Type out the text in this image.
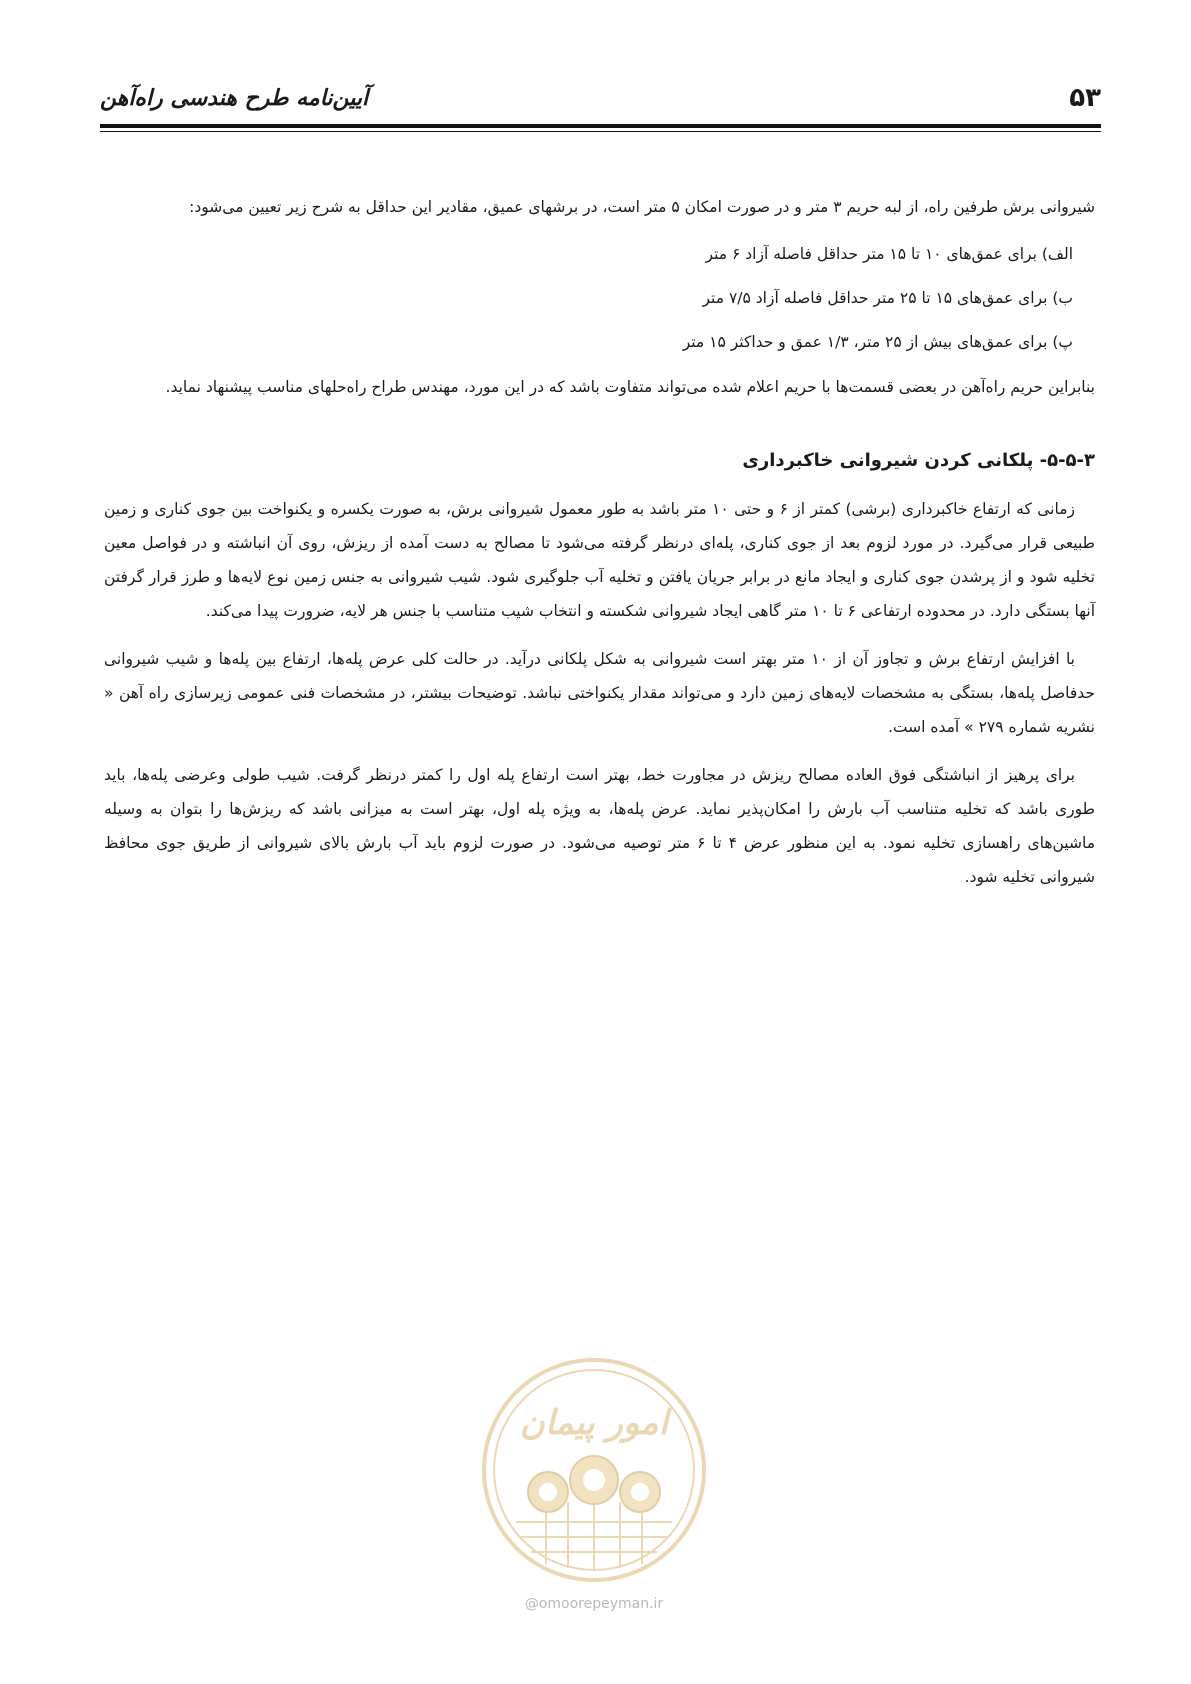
۵۳
آیین‌نامه طرح هندسی راه‌آهن

شیروانی برش طرفین راه، از لبه حریم ۳ متر و در صورت امکان ۵ متر است، در برشهای عمیق، مقادیر این حداقل به شرح زیر تعیین می‌شود:

الف) برای عمق‌های ۱۰ تا ۱۵ متر حداقل فاصله آزاد ۶ متر
ب) برای عمق‌های ۱۵ تا ۲۵ متر حداقل فاصله آزاد ۷/۵ متر
پ) برای عمق‌های بیش از ۲۵ متر، ۱/۳ عمق و حداکثر ۱۵ متر

بنابراین حریم راه‌آهن در بعضی قسمت‌ها با حریم اعلام شده می‌تواند متفاوت باشد که در این مورد، مهندس طراح راه‌حلهای مناسب پیشنهاد نماید.

۵-۵-۳- پلکانی کردن شیروانی خاکبرداری

زمانی که ارتفاع خاکبرداری (برشی) کمتر از ۶ و حتی ۱۰ متر باشد به طور معمول شیروانی برش، به صورت یکسره و یکنواخت بین جوی کناری و زمین طبیعی قرار می‌گیرد. در مورد لزوم بعد از جوی کناری، پله‌ای درنظر گرفته می‌شود تا مصالح به دست آمده از ریزش، روی آن انباشته و در فواصل معین تخلیه شود و از پرشدن جوی کناری و ایجاد مانع در برابر جریان یافتن و تخلیه آب جلوگیری شود. شیب شیروانی به جنس زمین نوع لایه‌ها و طرز قرار گرفتن آنها بستگی دارد. در محدوده ارتفاعی ۶ تا ۱۰ متر گاهی ایجاد شیروانی شکسته و انتخاب شیب متناسب با جنس هر لایه، ضرورت پیدا می‌کند.

با افزایش ارتفاع برش و تجاوز آن از ۱۰ متر بهتر است شیروانی به شکل پلکانی درآید. در حالت کلی عرض پله‌ها، ارتفاع بین پله‌ها و شیب شیروانی حدفاصل پله‌ها، بستگی به مشخصات لایه‌های زمین دارد و می‌تواند مقدار یکنواختی نباشد. توضیحات بیشتر، در مشخصات فنی عمومی زیرسازی راه آهن « نشریه شماره ۲۷۹ » آمده است.

برای پرهیز از انباشتگی فوق العاده مصالح ریزش در مجاورت خط، بهتر است ارتفاع پله اول را کمتر درنظر گرفت. شیب طولی وعرضی پله‌ها، باید طوری باشد که تخلیه متناسب آب بارش را امکان‌پذیر نماید. عرض پله‌ها، به ویژه پله اول، بهتر است به میزانی باشد که ریزش‌ها را بتوان به وسیله ماشین‌های راهسازی تخلیه نمود. به این منظور عرض ۴ تا ۶ متر توصیه می‌شود. در صورت لزوم باید آب بارش بالای شیروانی از طریق جوی محافظ شیروانی تخلیه شود.

امور پیمان
@omoorepeyman.ir
